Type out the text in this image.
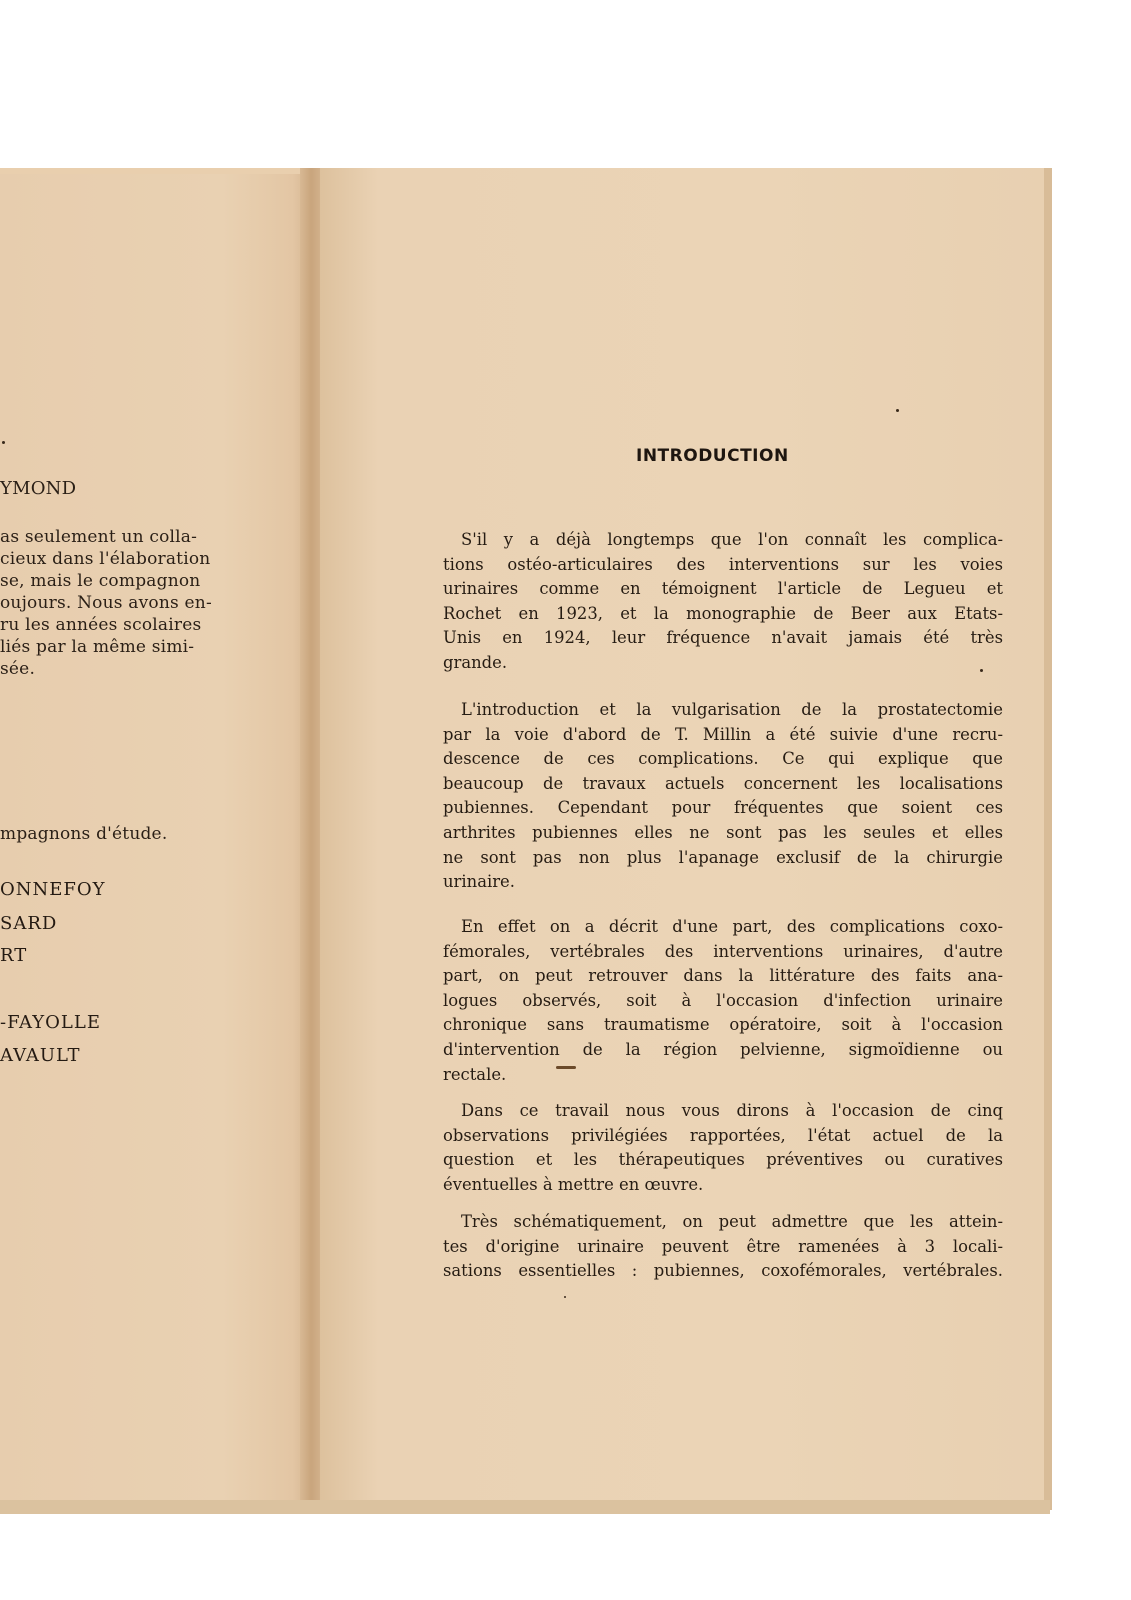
YMOND
as seulement un colla-
cieux dans l'élaboration
se, mais le compagnon
oujours. Nous avons en-
ru les années scolaires
liés par la même simi-
sée.
mpagnons d'étude.
ONNEFOY
SARD
RT
-FAYOLLE
AVAULT
INTRODUCTION
S'il y a déjà longtemps que l'on connaît les complica-
tions ostéo-articulaires des interventions sur les voies
urinaires comme en témoignent l'article de Legueu et
Rochet en 1923, et la monographie de Beer aux Etats-
Unis en 1924, leur fréquence n'avait jamais été très
grande.
L'introduction et la vulgarisation de la prostatectomie
par la voie d'abord de T. Millin a été suivie d'une recru-
descence de ces complications. Ce qui explique que
beaucoup de travaux actuels concernent les localisations
pubiennes. Cependant pour fréquentes que soient ces
arthrites pubiennes elles ne sont pas les seules et elles
ne sont pas non plus l'apanage exclusif de la chirurgie
urinaire.
En effet on a décrit d'une part, des complications coxo-
fémorales, vertébrales des interventions urinaires, d'autre
part, on peut retrouver dans la littérature des faits ana-
logues observés, soit à l'occasion d'infection urinaire
chronique sans traumatisme opératoire, soit à l'occasion
d'intervention de la région pelvienne, sigmoïdienne ou
rectale.
Dans ce travail nous vous dirons à l'occasion de cinq
observations privilégiées rapportées, l'état actuel de la
question et les thérapeutiques préventives ou curatives
éventuelles à mettre en œuvre.
Très schématiquement, on peut admettre que les attein-
tes d'origine urinaire peuvent être ramenées à 3 locali-
sations essentielles : pubiennes, coxofémorales, vertébrales.
